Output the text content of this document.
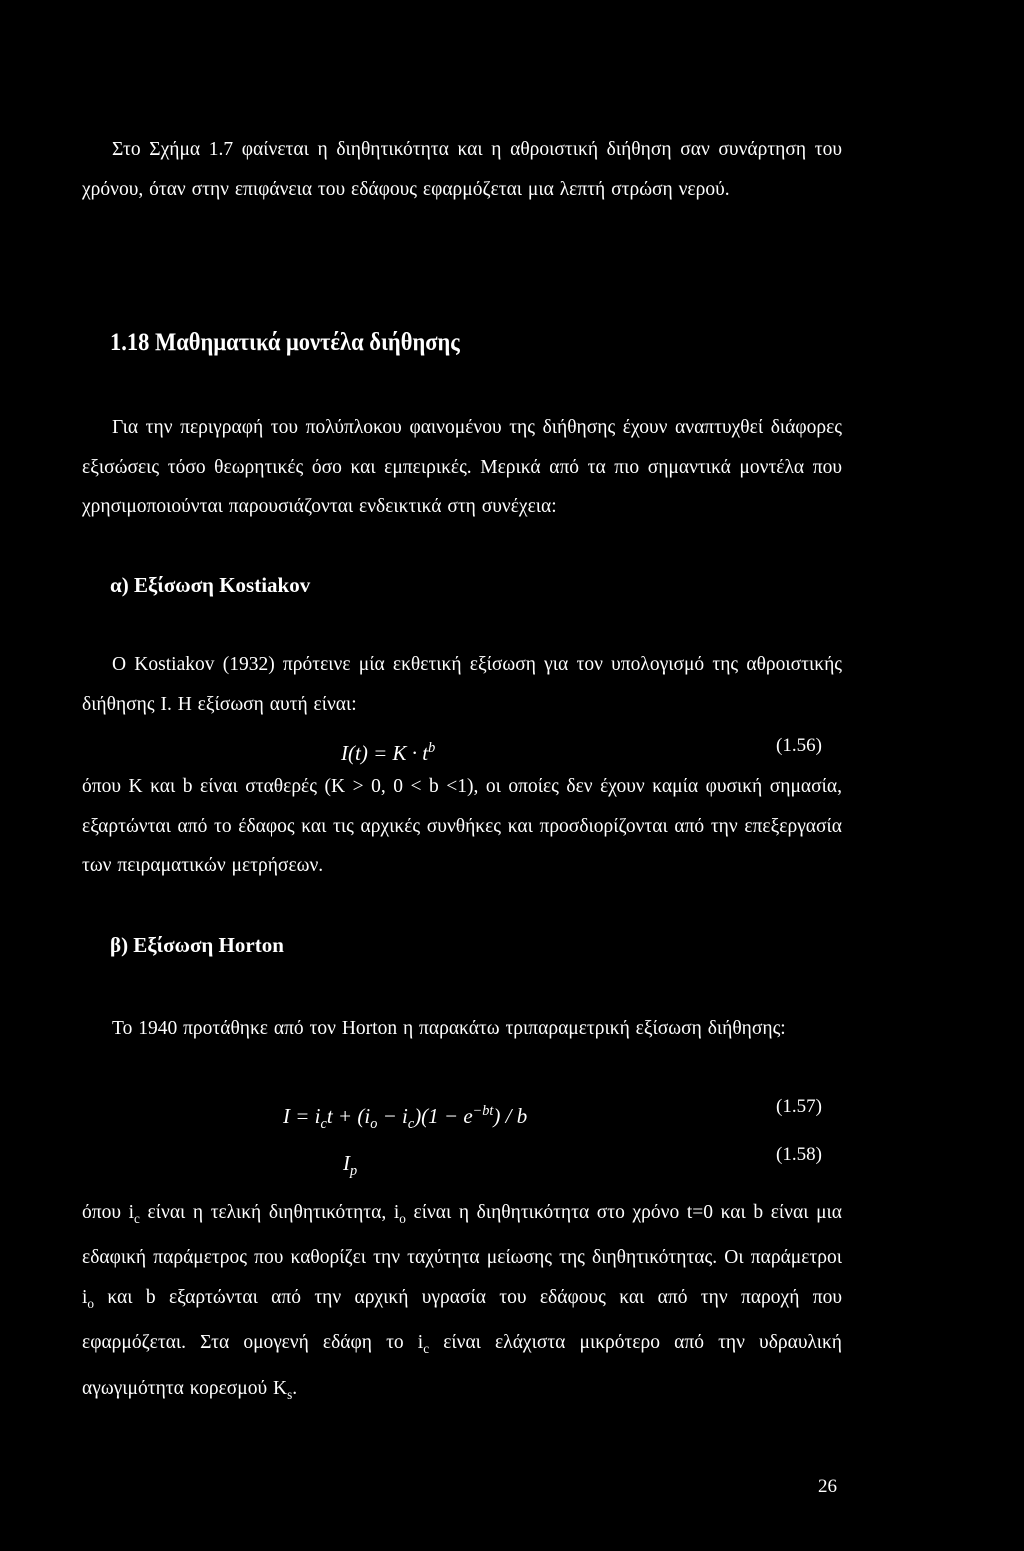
Στο Σχήμα 1.7 φαίνεται η διηθητικότητα και η αθροιστική διήθηση σαν συνάρτηση του χρόνου, όταν στην επιφάνεια του εδάφους εφαρμόζεται μια λεπτή στρώση νερού.

1.18 Μαθηματικά μοντέλα διήθησης

Για την περιγραφή του πολύπλοκου φαινομένου της διήθησης έχουν αναπτυχθεί διάφορες εξισώσεις τόσο θεωρητικές όσο και εμπειρικές. Μερικά από τα πιο σημαντικά μοντέλα που χρησιμοποιούνται παρουσιάζονται ενδεικτικά στη συνέχεια:

α) Εξίσωση Kostiakov

Ο Kostiakov (1932) πρότεινε μία εκθετική εξίσωση για τον υπολογισμό της αθροιστικής διήθησης Ι. Η εξίσωση αυτή είναι:

$I(t) = K \cdot t^b$	(1.56)

όπου K και b είναι σταθερές (K > 0, 0 < b <1), οι οποίες δεν έχουν καμία φυσική σημασία, εξαρτώνται από το έδαφος και τις αρχικές συνθήκες και προσδιορίζονται από την επεξεργασία των πειραματικών μετρήσεων.

β) Εξίσωση Horton

Το 1940 προτάθηκε από τον Horton η παρακάτω τριπαραμετρική εξίσωση διήθησης:

$I = i_ct + (i_o - i_c)(1 - e^{-bt}) / b$	(1.57)
$I_p$
(1.58)

όπου $i_c$ είναι η τελική διηθητικότητα, $i_o$ είναι η διηθητικότητα στο χρόνο t=0 και b είναι μια εδαφική παράμετρος που καθορίζει την ταχύτητα μείωσης της διηθητικότητας. Οι παράμετροι $i_o$ και b εξαρτώνται από την αρχική υγρασία του εδάφους και από την παροχή που εφαρμόζεται. Στα ομογενή εδάφη το $i_c$ είναι ελάχιστα μικρότερο από την υδραυλική αγωγιμότητα κορεσμού $K_s$.

26
